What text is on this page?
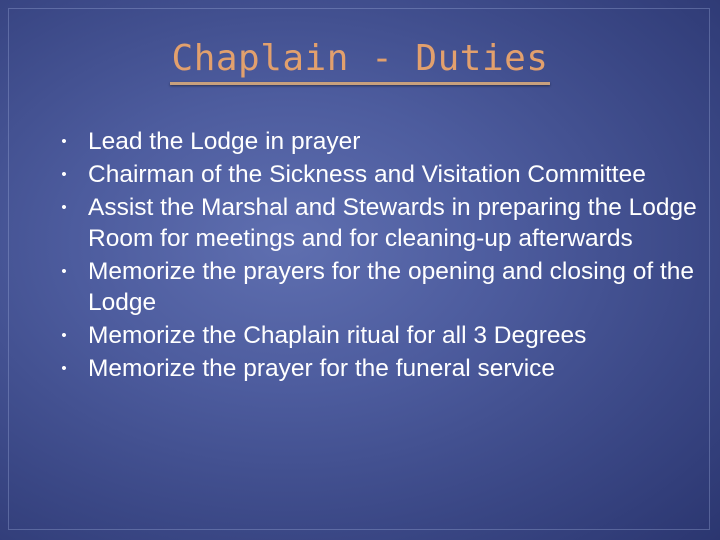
Chaplain - Duties
• Lead the Lodge in prayer
• Chairman of the Sickness and Visitation Committee
• Assist the Marshal and Stewards in preparing the Lodge Room for meetings and for cleaning-up afterwards
• Memorize the prayers for the opening and closing of the Lodge
• Memorize the Chaplain ritual for all 3 Degrees
• Memorize the prayer for the funeral service
